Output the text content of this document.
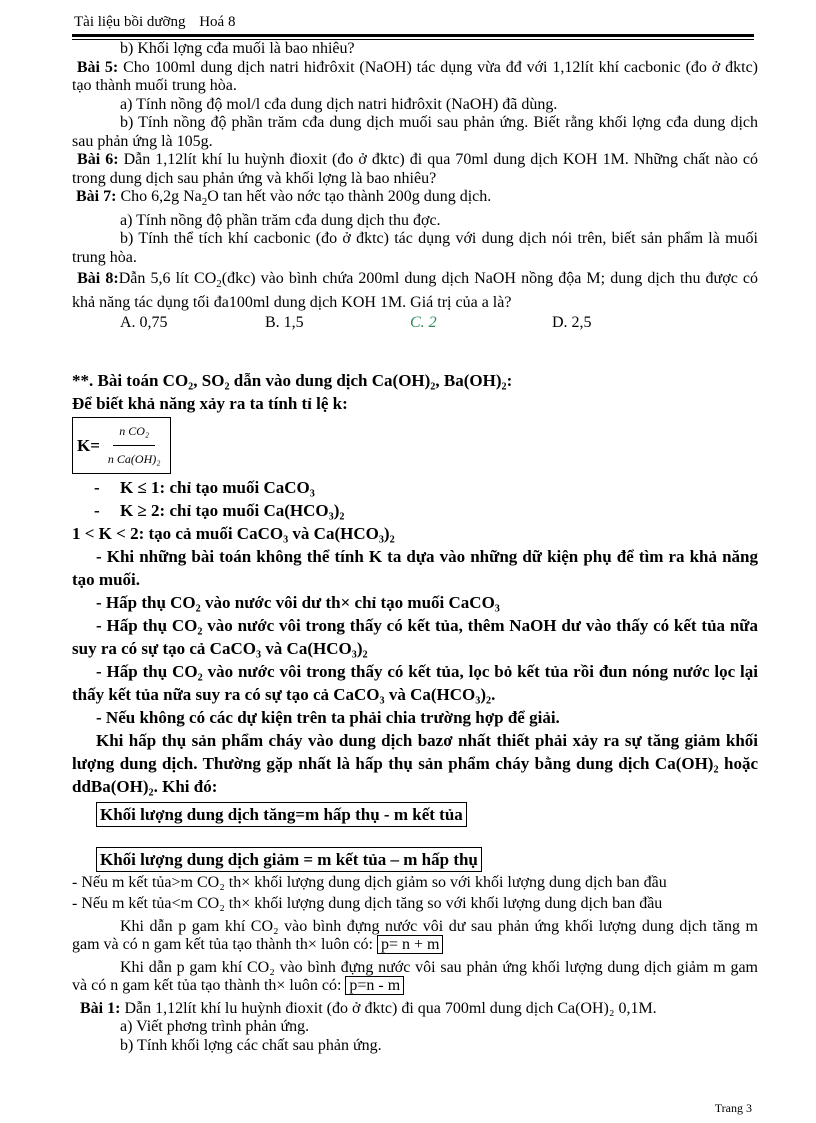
Tài liệu bồi dưỡng Hoá 8

b) Khối lợng cđa muối là bao nhiêu?

Bài 5: Cho 100ml dung dịch natri hiđrôxit (NaOH) tác dụng vừa đđ với 1,12lít khí cacbonic (đo ở đktc) tạo thành muối trung hòa.

a) Tính nồng độ mol/l cđa dung dịch natri hiđrôxit (NaOH) đã dùng.

b) Tính nồng độ phần trăm cđa dung dịch muối sau phản ứng. Biết rằng khối lợng cđa dung dịch sau phản ứng là 105g.

Bài 6: Dẫn 1,12lít khí lu huỳnh đioxit (đo ở đktc) đi qua 70ml dung dịch KOH 1M. Những chất nào có trong dung dịch sau phản ứng và khối lợng là bao nhiêu?

Bài 7: Cho 6,2g $Na_2O$ tan hết vào nớc tạo thành 200g dung dịch.

a) Tính nồng độ phần trăm cđa dung dịch thu đợc.

b) Tính thể tích khí cacbonic (đo ở đktc) tác dụng với dung dịch nói trên, biết sản phẩm là muối trung hòa.

Bài 8:Dẫn 5,6 lít $CO_2(đkc)$ vào bình chứa 200ml dung dịch NaOH nồng độa M; dung dịch thu được có khả năng tác dụng tối đa100ml dung dịch KOH 1M. Giá trị của a là?

A. 0,75	B. 1,5	C. 2	D. 2,5

**. Bài toán CO₂, SO₂ dẫn vào dung dịch Ca(OH)₂, Ba(OH)₂:

Để biết khả năng xảy ra ta tính tỉ lệ k:

$K= \frac{\text{n CO₂}}{\text{n Ca(OH)₂}}$

- K ≤ 1: chỉ tạo muối CaCO₃

- K ≥ 2: chỉ tạo muối Ca(HCO₃)₂

1 < K < 2: tạo cả muối CaCO₃ và Ca(HCO₃)₂

- Khi những bài toán không thể tính K ta dựa vào những dữ kiện phụ để tìm ra khả năng tạo muối.

- Hấp thụ CO₂ vào nước vôi dư th× chỉ tạo muối CaCO₃

- Hấp thụ CO₂ vào nước vôi trong thấy có kết tủa, thêm NaOH dư vào thấy có kết tủa nữa suy ra có sự tạo cả CaCO₃ và Ca(HCO₃)₂

- Hấp thụ CO₂ vào nước vôi trong thấy có kết tủa, lọc bỏ kết tủa rồi đun nóng nước lọc lại thấy kết tủa nữa suy ra có sự tạo cả CaCO₃ và Ca(HCO₃)₂.

- Nếu không có các dự kiện trên ta phải chia trường hợp để giải.

Khi hấp thụ sản phẩm cháy vào dung dịch bazơ nhất thiết phải xảy ra sự tăng giảm khối lượng dung dịch. Thường gặp nhất là hấp thụ sản phẩm cháy bằng dung dịch Ca(OH)₂ hoặc ddBa(OH)₂. Khi đó:

Khối lượng dung dịch tăng=m hấp thụ - m kết tủa
Khối lượng dung dịch giảm = m kết tủa – m hấp thụ

- Nếu m kết tủa>m CO₂ th× khối lượng dung dịch giảm so với khối lượng dung dịch ban đầu

- Nếu m kết tủa<m CO₂ th× khối lượng dung dịch tăng so với khối lượng dung dịch ban đầu

Khi dẫn p gam khí CO₂ vào bình đựng nước vôi dư sau phản ứng khối lượng dung dịch tăng m gam và có n gam kết tủa tạo thành th× luôn có: p= n + m

Khi dẫn p gam khí CO₂ vào bình đựng nước vôi sau phản ứng khối lượng dung dịch giảm m gam và có n gam kết tủa tạo thành th× luôn có: p=n - m

Bài 1: Dẫn 1,12lít khí lu huỳnh đioxit (đo ở đktc) đi qua 700ml dung dịch Ca(OH)₂ 0,1M.

a) Viết phơng trình phản ứng.

b) Tính khối lợng các chất sau phản ứng.

Trang 3
